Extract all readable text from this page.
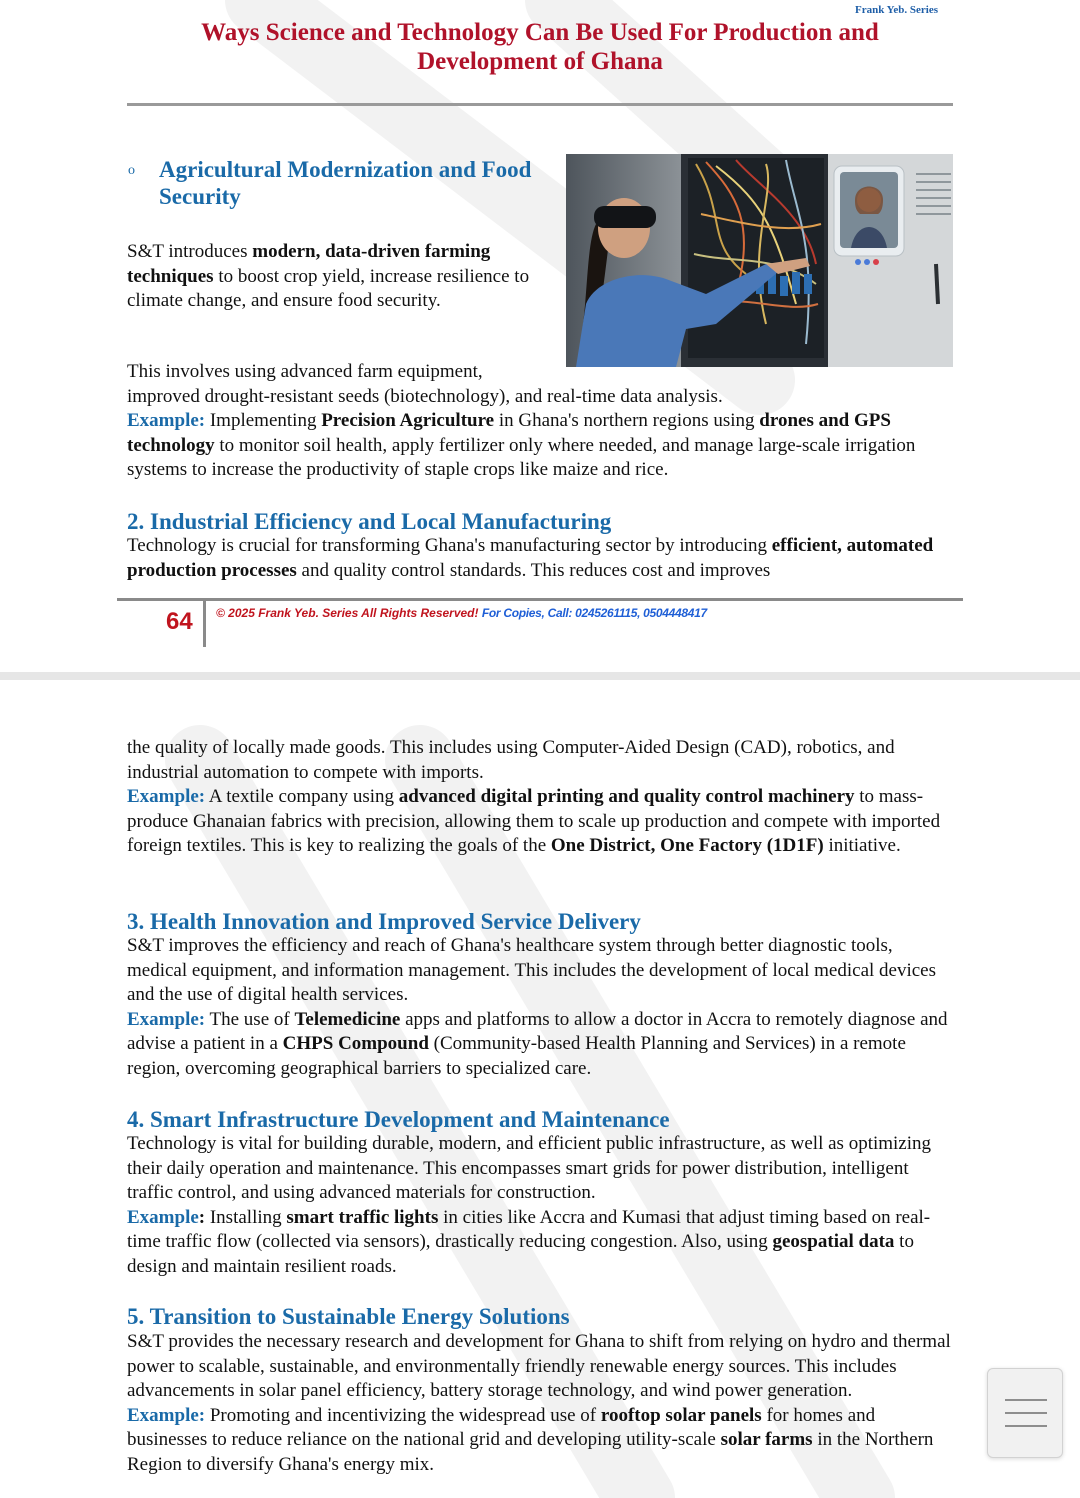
Frank Yeb. Series
Ways Science and Technology Can Be Used For Production and Development of Ghana
o Agricultural Modernization and Food Security

S&T introduces modern, data-driven farming techniques to boost crop yield, increase resilience to climate change, and ensure food security.

This involves using advanced farm equipment,
improved drought-resistant seeds (biotechnology), and real-time data analysis.
Example: Implementing Precision Agriculture in Ghana's northern regions using drones and GPS technology to monitor soil health, apply fertilizer only where needed, and manage large-scale irrigation systems to increase the productivity of staple crops like maize and rice.

2. Industrial Efficiency and Local Manufacturing

Technology is crucial for transforming Ghana's manufacturing sector by introducing efficient, automated production processes and quality control standards. This reduces cost and improves

64 © 2025 Frank Yeb. Series All Rights Reserved! For Copies, Call: 0245261115, 0504448417

the quality of locally made goods. This includes using Computer-Aided Design (CAD), robotics, and industrial automation to compete with imports.
Example: A textile company using advanced digital printing and quality control machinery to mass-produce Ghanaian fabrics with precision, allowing them to scale up production and compete with imported foreign textiles. This is key to realizing the goals of the One District, One Factory (1D1F) initiative.

3. Health Innovation and Improved Service Delivery

S&T improves the efficiency and reach of Ghana's healthcare system through better diagnostic tools, medical equipment, and information management. This includes the development of local medical devices and the use of digital health services.
Example: The use of Telemedicine apps and platforms to allow a doctor in Accra to remotely diagnose and advise a patient in a CHPS Compound (Community-based Health Planning and Services) in a remote region, overcoming geographical barriers to specialized care.

4. Smart Infrastructure Development and Maintenance

Technology is vital for building durable, modern, and efficient public infrastructure, as well as optimizing their daily operation and maintenance. This encompasses smart grids for power distribution, intelligent traffic control, and using advanced materials for construction.
Example: Installing smart traffic lights in cities like Accra and Kumasi that adjust timing based on real-time traffic flow (collected via sensors), drastically reducing congestion. Also, using geospatial data to design and maintain resilient roads.

5. Transition to Sustainable Energy Solutions

S&T provides the necessary research and development for Ghana to shift from relying on hydro and thermal power to scalable, sustainable, and environmentally friendly renewable energy sources. This includes advancements in solar panel efficiency, battery storage technology, and wind power generation.
Example: Promoting and incentivizing the widespread use of rooftop solar panels for homes and businesses to reduce reliance on the national grid and developing utility-scale solar farms in the Northern Region to diversify Ghana's energy mix.
